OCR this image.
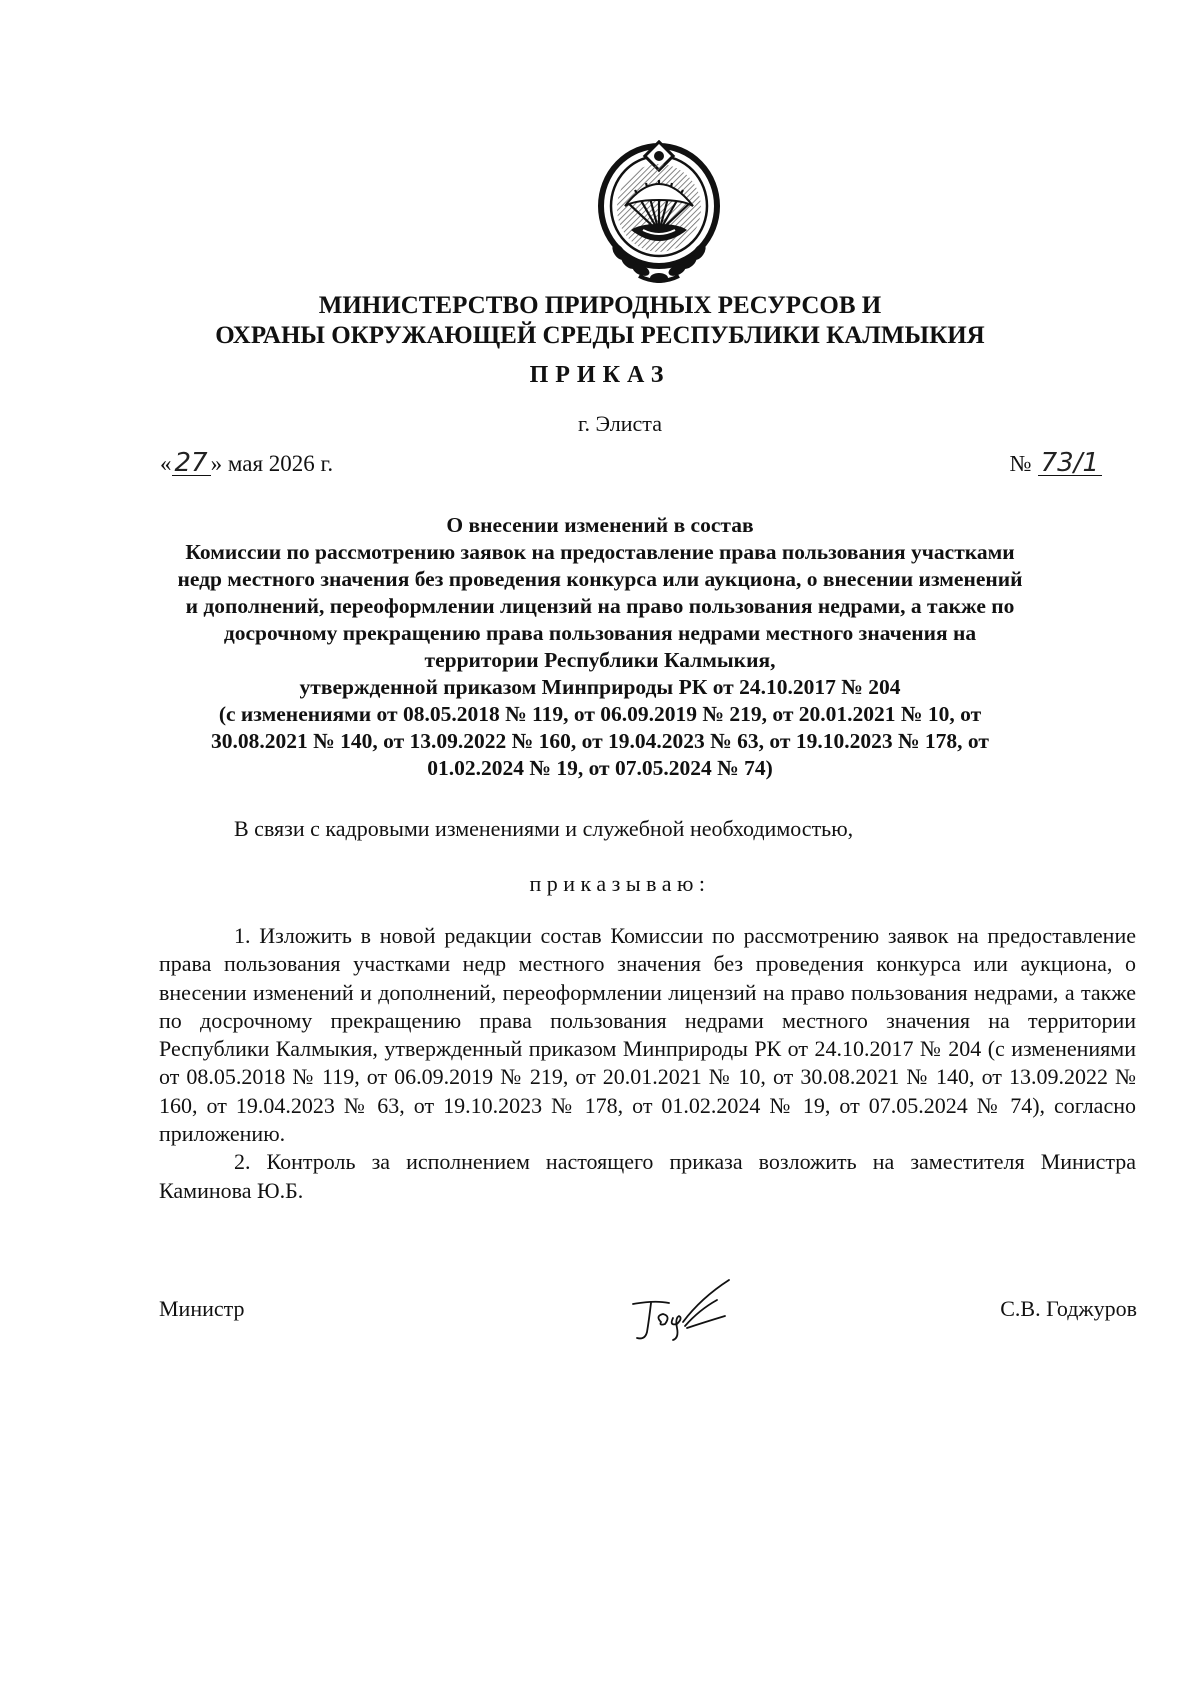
МИНИСТЕРСТВО ПРИРОДНЫХ РЕСУРСОВ И
ОХРАНЫ ОКРУЖАЮЩЕЙ СРЕДЫ РЕСПУБЛИКИ КАЛМЫКИЯ
ПРИКАЗ
г. Элиста
« 27 » мая 2026 г.	№ 73/1
О внесении изменений в состав
Комиссии по рассмотрению заявок на предоставление права пользования участками
недр местного значения без проведения конкурса или аукциона, о внесении изменений
и дополнений, переоформлении лицензий на право пользования недрами, а также по
досрочному прекращению права пользования недрами местного значения на
территории Республики Калмыкия,
утвержденной приказом Минприроды РК от 24.10.2017 № 204
(с изменениями от 08.05.2018 № 119, от 06.09.2019 № 219, от 20.01.2021 № 10, от
30.08.2021 № 140, от 13.09.2022 № 160, от 19.04.2023 № 63, от 19.10.2023 № 178, от
01.02.2024 № 19, от 07.05.2024 № 74)
В связи с кадровыми изменениями и служебной необходимостью,
приказываю:

1. Изложить в новой редакции состав Комиссии по рассмотрению заявок на предоставление права пользования участками недр местного значения без проведения конкурса или аукциона, о внесении изменений и дополнений, переоформлении лицензий на право пользования недрами, а также по досрочному прекращению права пользования недрами местного значения на территории Республики Калмыкия, утвержденный приказом Минприроды РК от 24.10.2017 № 204 (с изменениями от 08.05.2018 № 119, от 06.09.2019 № 219, от 20.01.2021 № 10, от 30.08.2021 № 140, от 13.09.2022 № 160, от 19.04.2023 № 63, от 19.10.2023 № 178, от 01.02.2024 № 19, от 07.05.2024 № 74), согласно приложению.

2. Контроль за исполнением настоящего приказа возложить на заместителя Министра Каминова Ю.Б.

Министр	С.В. Годжуров
